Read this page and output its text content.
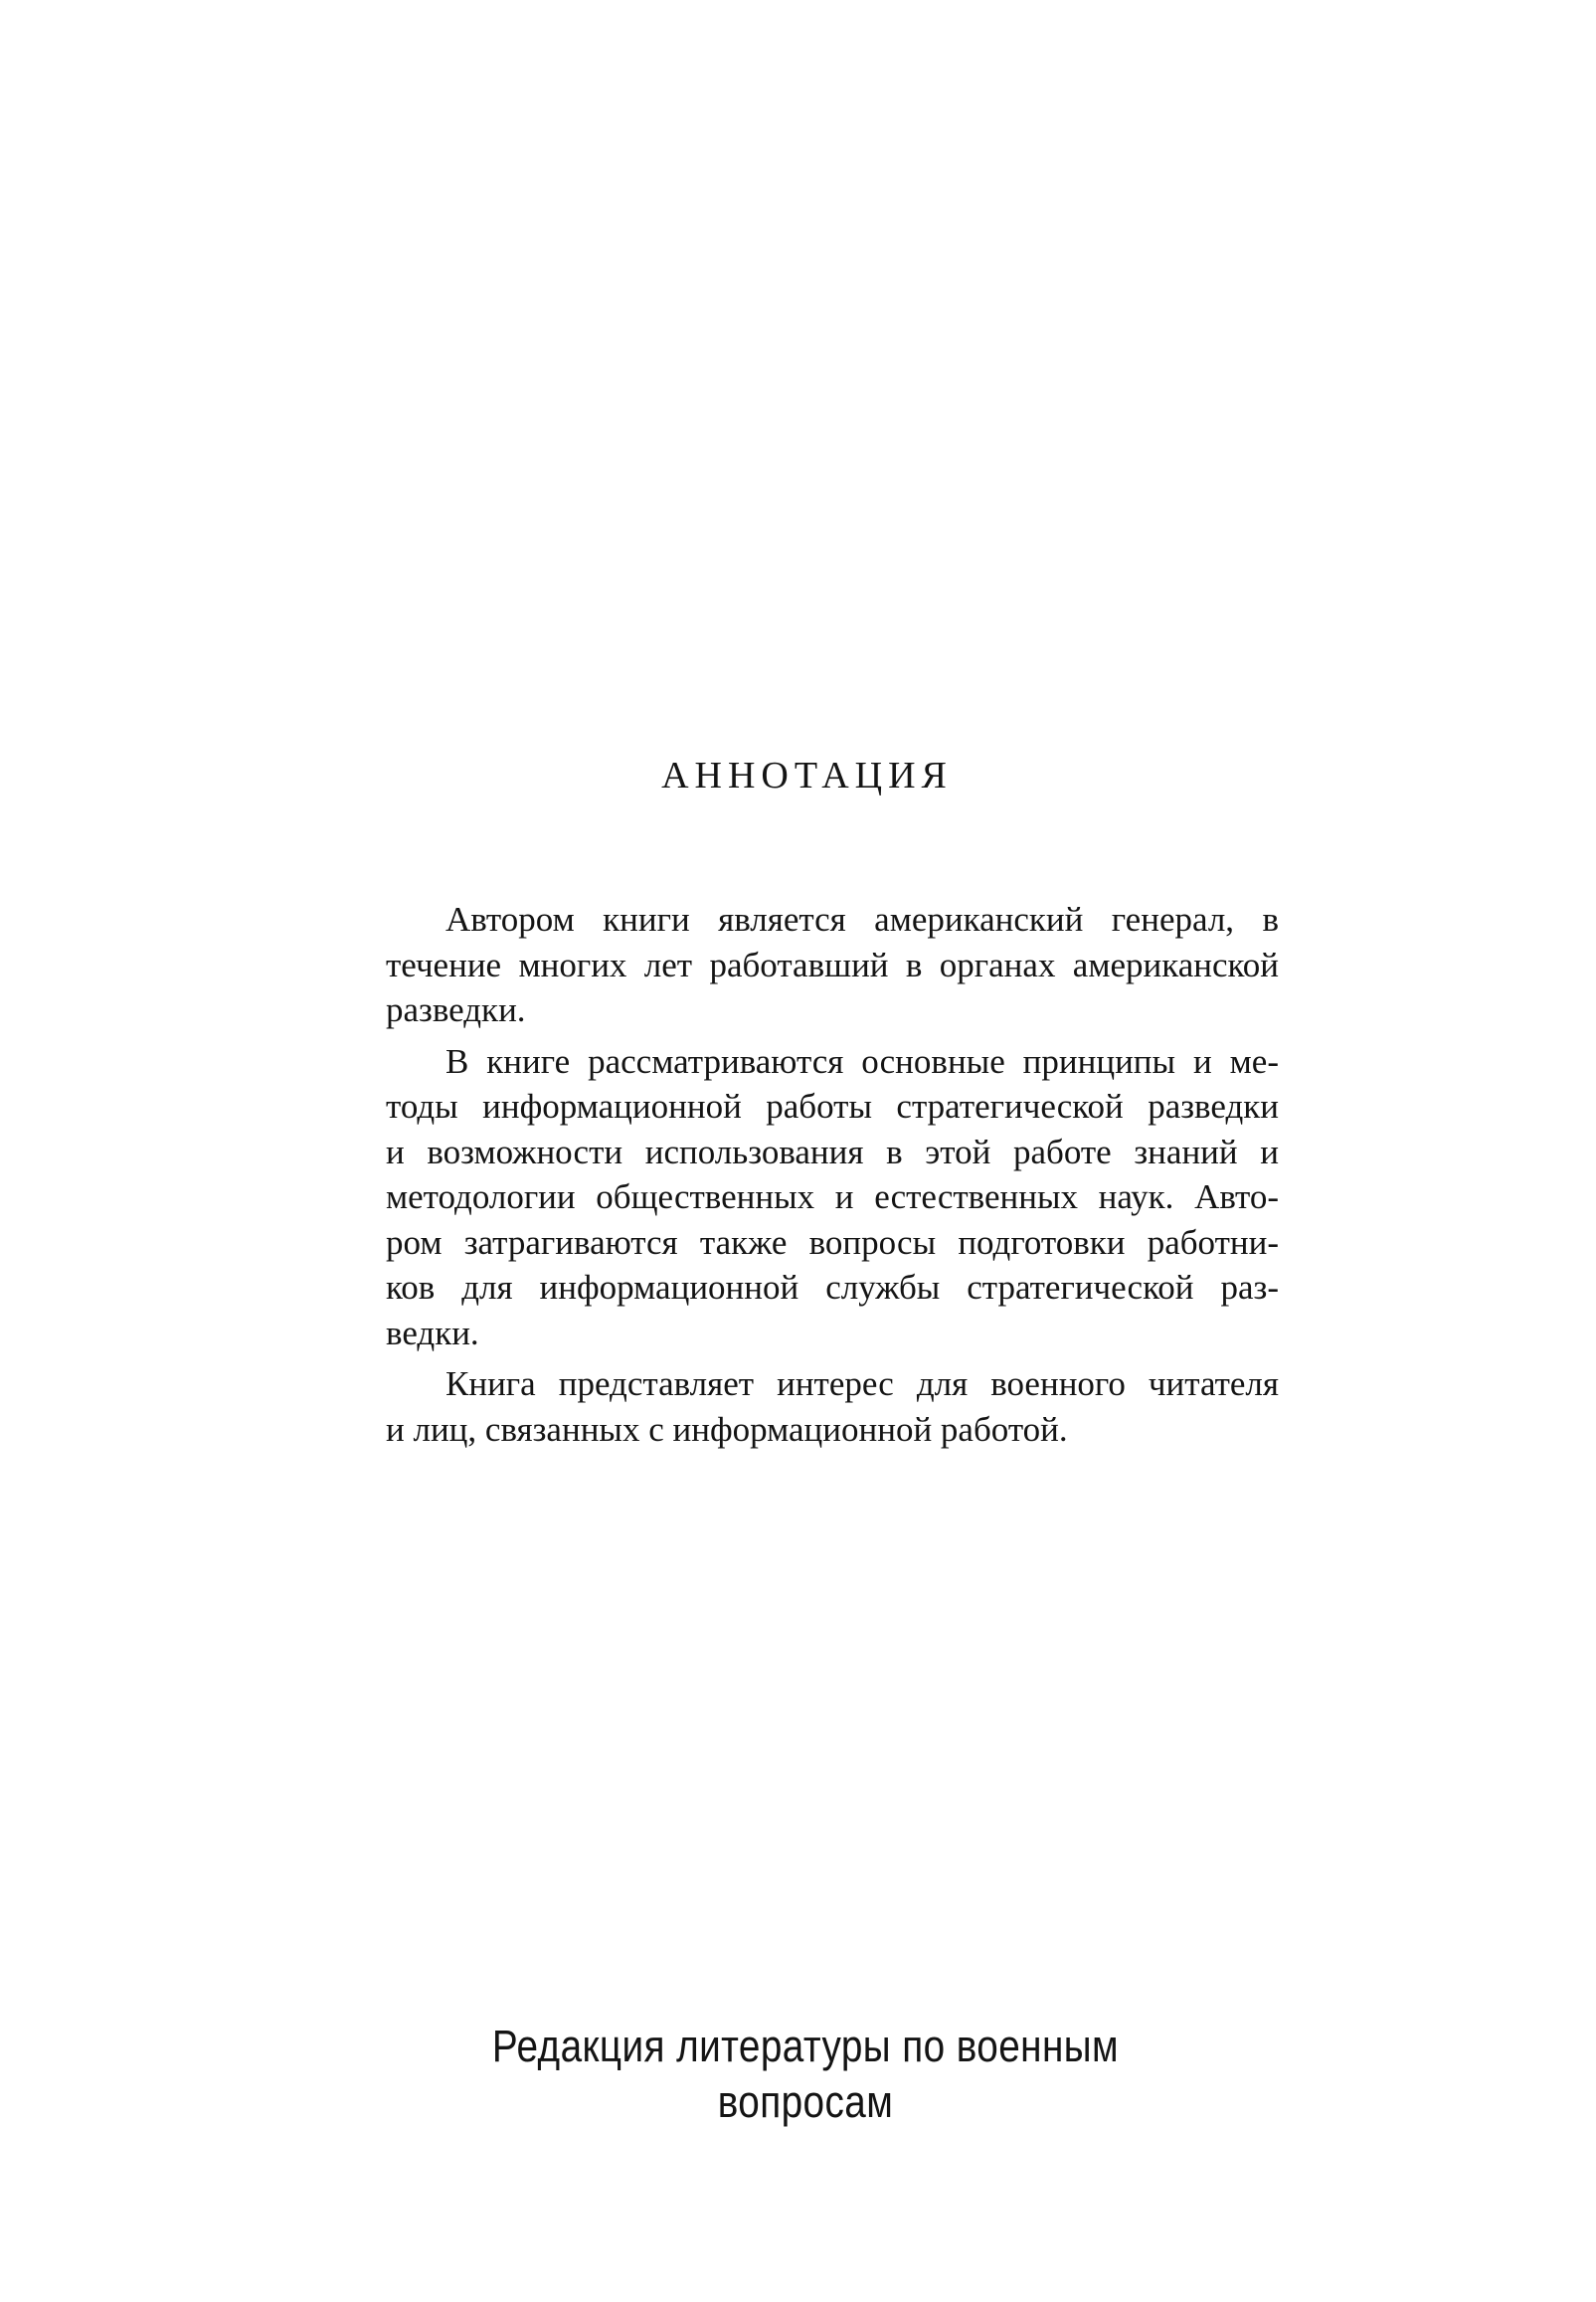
АННОТАЦИЯ

Автором книги является американский генерал, в
течение многих лет работавший в органах американской
разведки.

В книге рассматриваются основные принципы и ме-
тоды информационной работы стратегической разведки
и возможности использования в этой работе знаний и
методологии общественных и естественных наук. Авто-
ром затрагиваются также вопросы подготовки работни-
ков для информационной службы стратегической раз-
ведки.

Книга представляет интерес для военного читателя
и лиц, связанных с информационной работой.

Редакция литературы по военным вопросам
